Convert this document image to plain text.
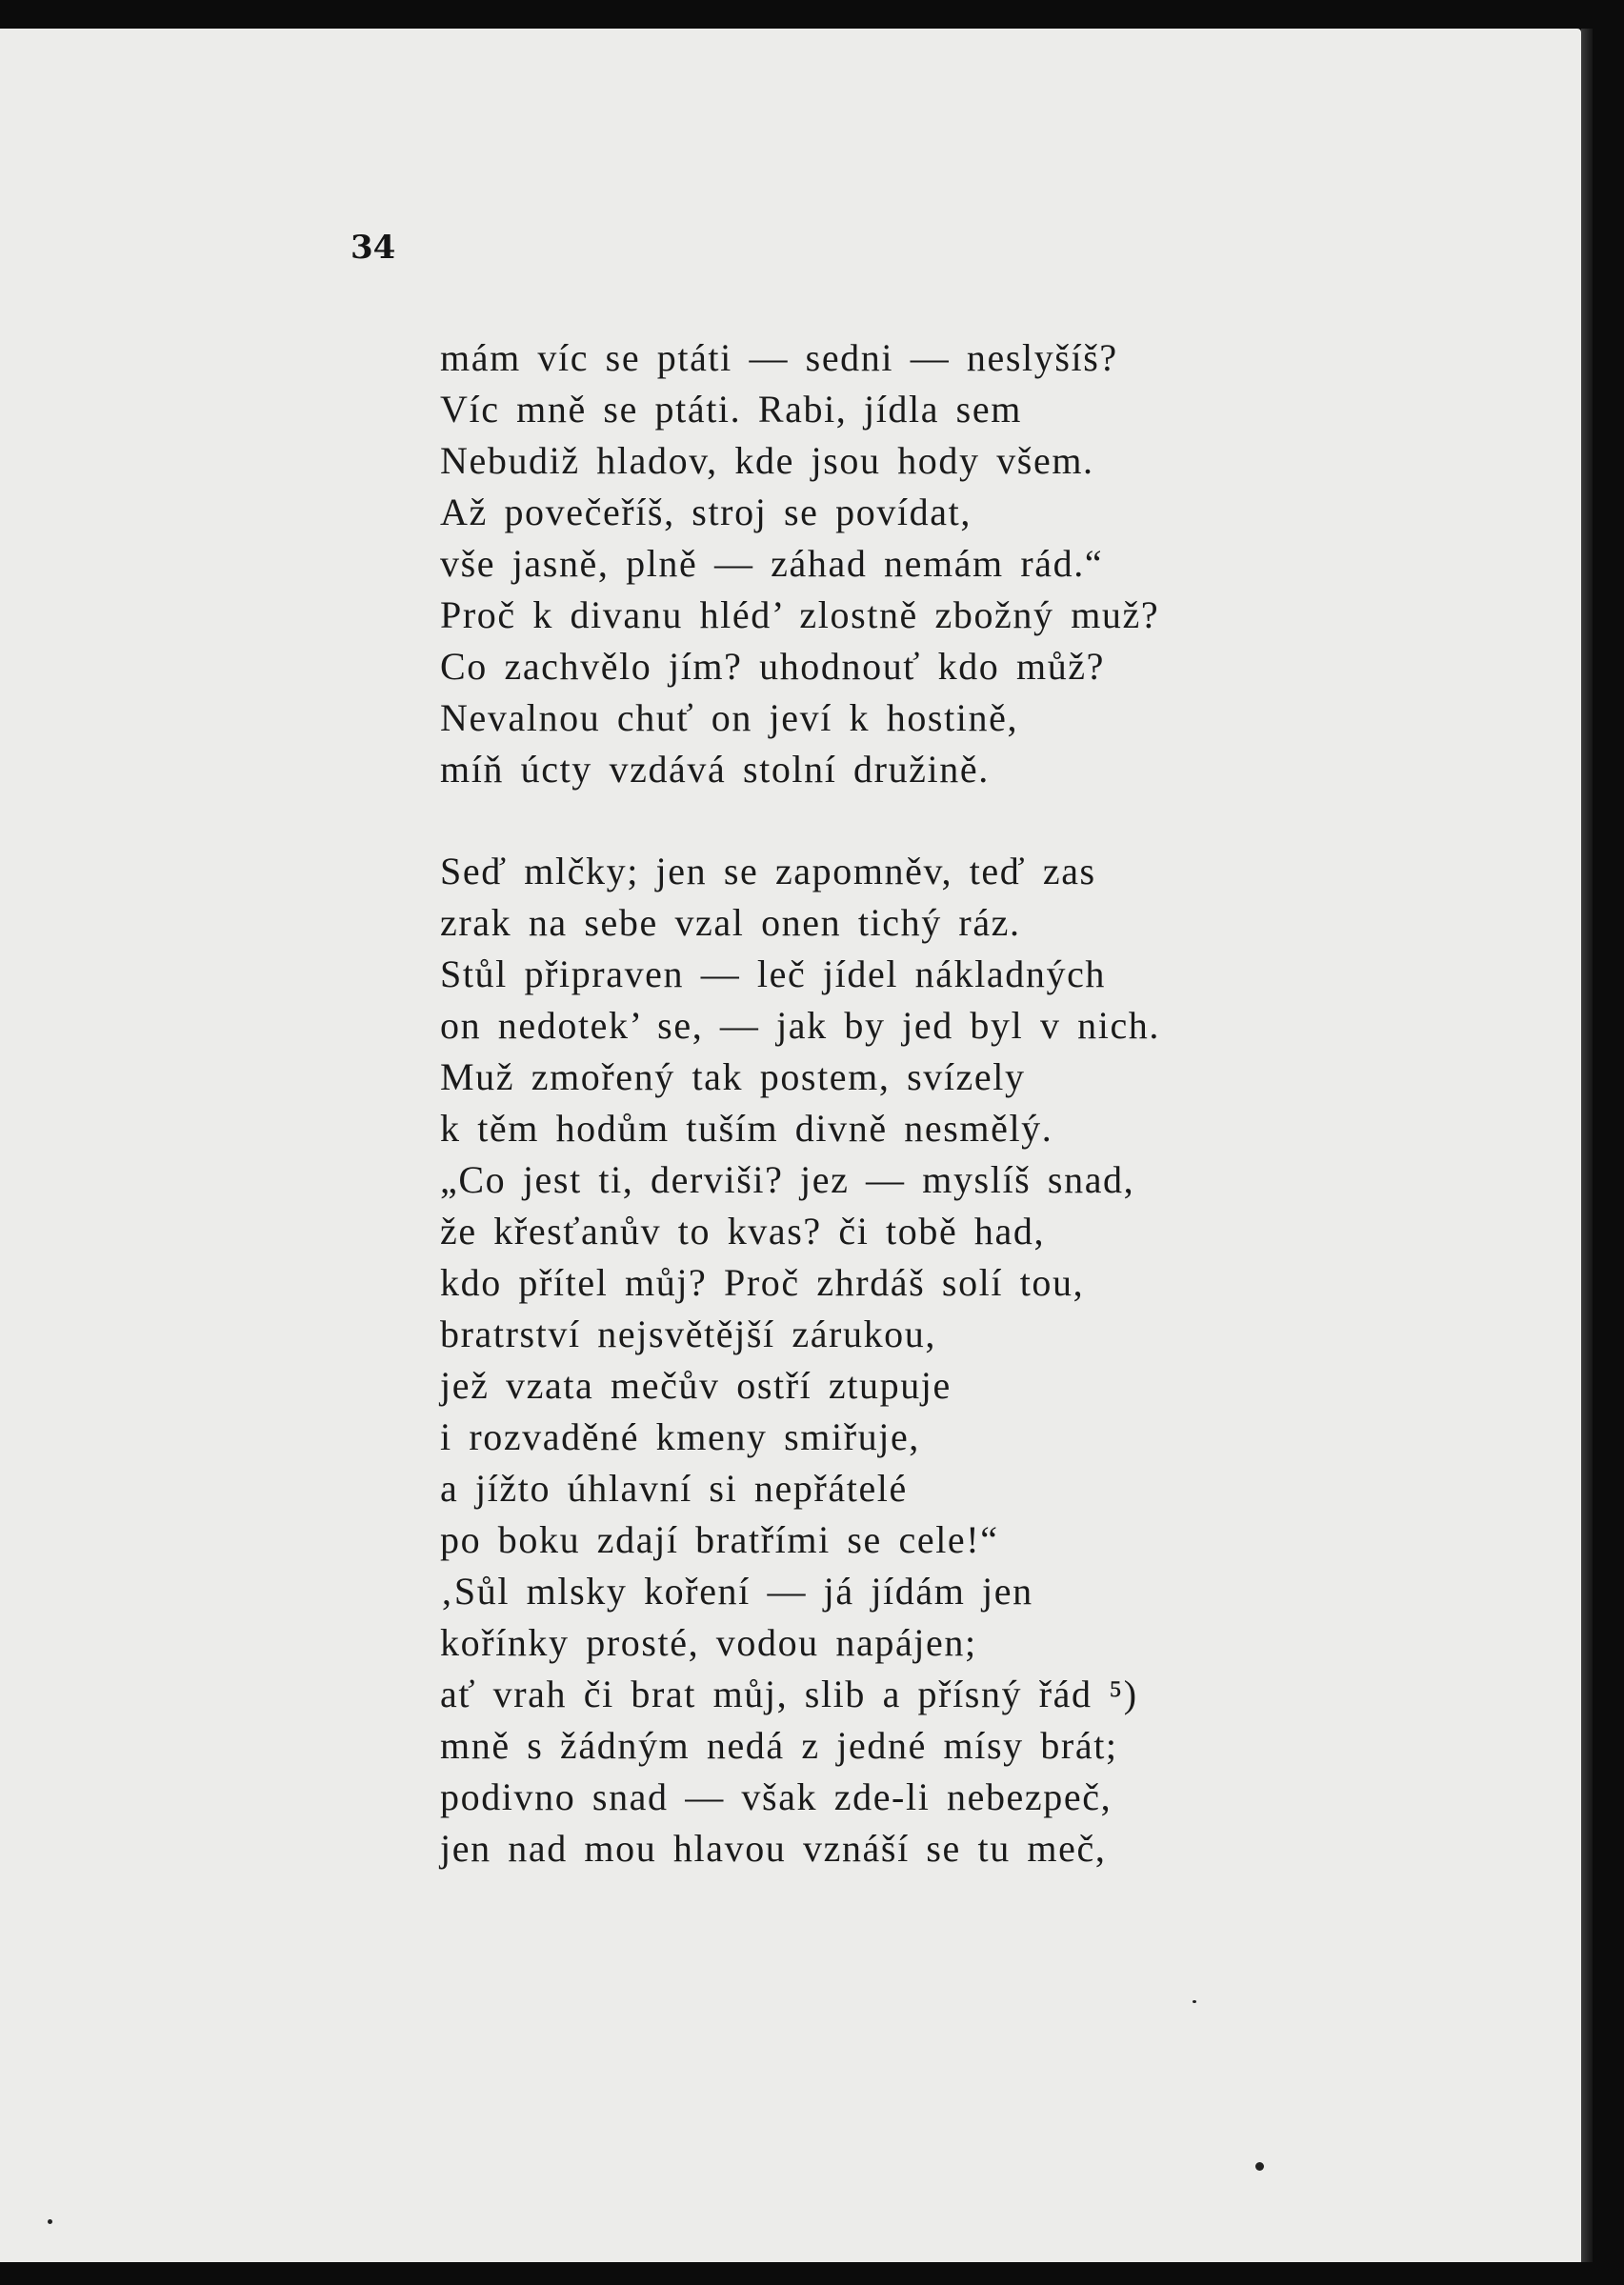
34

mám víc se ptáti — sedni — neslyšíš?
Víc mně se ptáti. Rabi, jídla sem
Nebudiž hladov, kde jsou hody všem.
Až povečeříš, stroj se povídat,
vše jasně, plně — záhad nemám rád.“
Proč k divanu hléd’ zlostně zbožný muž?
Co zachvělo jím? uhodnouť kdo můž?
Nevalnou chuť on jeví k hostině,
míň úcty vzdává stolní družině.
Seď mlčky; jen se zapomněv, teď zas
zrak na sebe vzal onen tichý ráz.
Stůl připraven — leč jídel nákladných
on nedotek’ se, — jak by jed byl v nich.
Muž zmořený tak postem, svízely
k těm hodům tuším divně nesmělý.
„Co jest ti, derviši? jez — myslíš snad,
že křesťanův to kvas? či tobě had,
kdo přítel můj? Proč zhrdáš solí tou,
bratrství nejsvětější zárukou,
jež vzata mečův ostří ztupuje
i rozvaděné kmeny smiřuje,
a jížto úhlavní si nepřátelé
po boku zdají bratřími se cele!“
‚Sůl mlsky koření — já jídám jen
kořínky prosté, vodou napájen;
ať vrah či brat můj, slib a přísný řád ⁵)
mně s žádným nedá z jedné mísy brát;
podivno snad — však zde-li nebezpeč,
jen nad mou hlavou vznáší se tu meč,
